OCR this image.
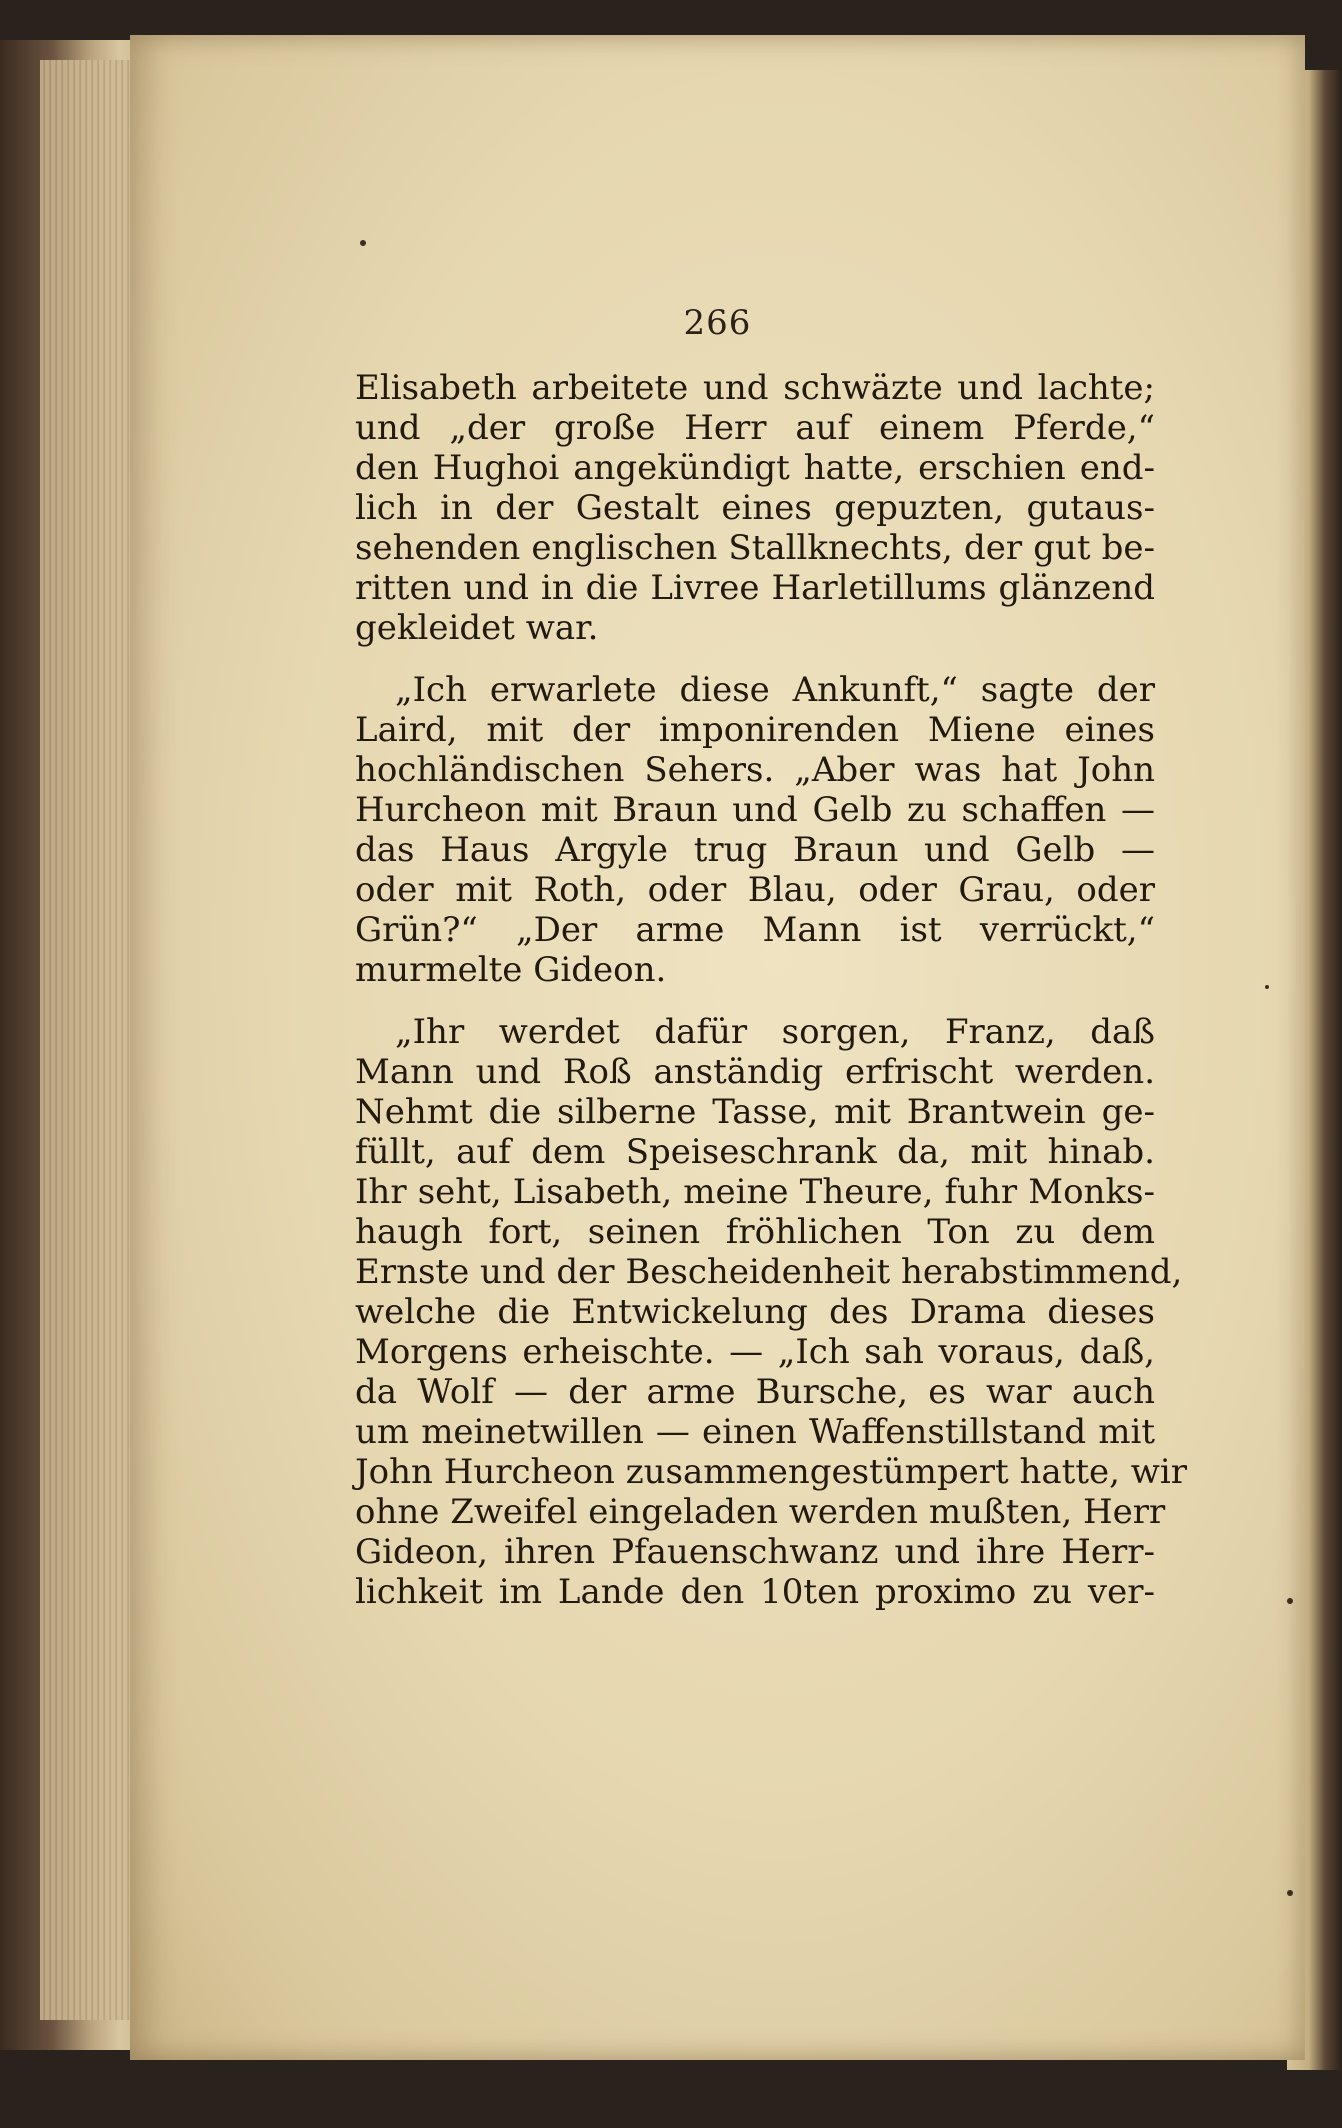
266
Elisabeth arbeitete und schwäzte und lachte;
und „der große Herr auf einem Pferde,“
den Hughoi angekündigt hatte, erschien end-
lich in der Gestalt eines gepuzten, gutaus-
sehenden englischen Stallknechts, der gut be-
ritten und in die Livree Harletillums glänzend
gekleidet war.
„Ich erwarlete diese Ankunft,“ sagte der
Laird, mit der imponirenden Miene eines
hochländischen Sehers. „Aber was hat John
Hurcheon mit Braun und Gelb zu schaffen —
das Haus Argyle trug Braun und Gelb —
oder mit Roth, oder Blau, oder Grau, oder
Grün?“ „Der arme Mann ist verrückt,“
murmelte Gideon.
„Ihr werdet dafür sorgen, Franz, daß
Mann und Roß anständig erfrischt werden.
Nehmt die silberne Tasse, mit Brantwein ge-
füllt, auf dem Speiseschrank da, mit hinab.
Ihr seht, Lisabeth, meine Theure, fuhr Monks-
haugh fort, seinen fröhlichen Ton zu dem
Ernste und der Bescheidenheit herabstimmend,
welche die Entwickelung des Drama dieses
Morgens erheischte. — „Ich sah voraus, daß,
da Wolf — der arme Bursche, es war auch
um meinetwillen — einen Waffenstillstand mit
John Hurcheon zusammengestümpert hatte, wir
ohne Zweifel eingeladen werden mußten, Herr
Gideon, ihren Pfauenschwanz und ihre Herr-
lichkeit im Lande den 10ten proximo zu ver-
